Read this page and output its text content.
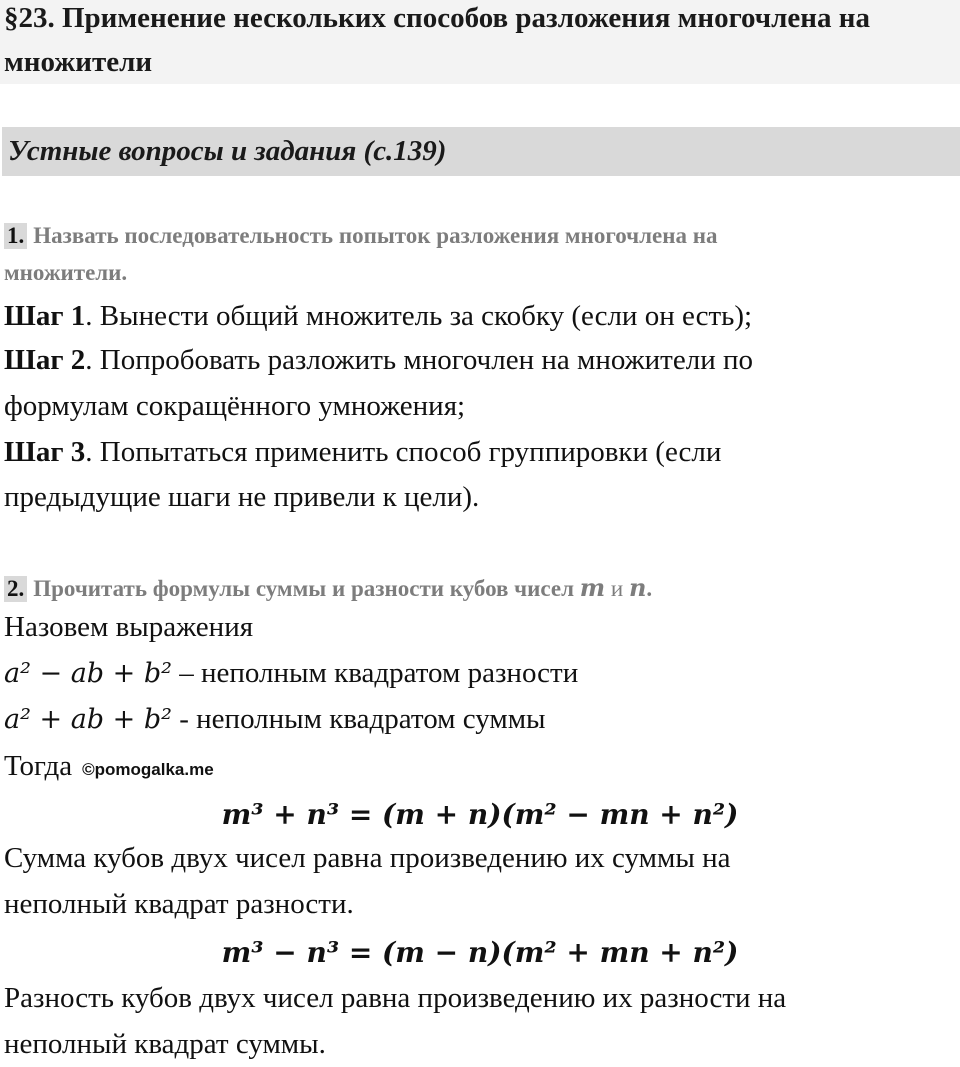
§23. Применение нескольких способов разложения многочлена на множители
Устные вопросы и задания (с.139)
1. Назвать последовательность попыток разложения многочлена на
множители.
Шаг 1. Вынести общий множитель за скобку (если он есть);
Шаг 2. Попробовать разложить многочлен на множители по
формулам сокращённого умножения;
Шаг 3. Попытаться применить способ группировки (если
предыдущие шаги не привели к цели).
2. Прочитать формулы суммы и разности кубов чисел m и n.
Назовем выражения
a² − ab + b² – неполным квадратом разности
a² + ab + b² - неполным квадратом суммы
Тогда ©pomogalka.me
m³ + n³ = (m + n)(m² − mn + n²)
Сумма кубов двух чисел равна произведению их суммы на
неполный квадрат разности.
m³ − n³ = (m − n)(m² + mn + n²)
Разность кубов двух чисел равна произведению их разности на
неполный квадрат суммы.
